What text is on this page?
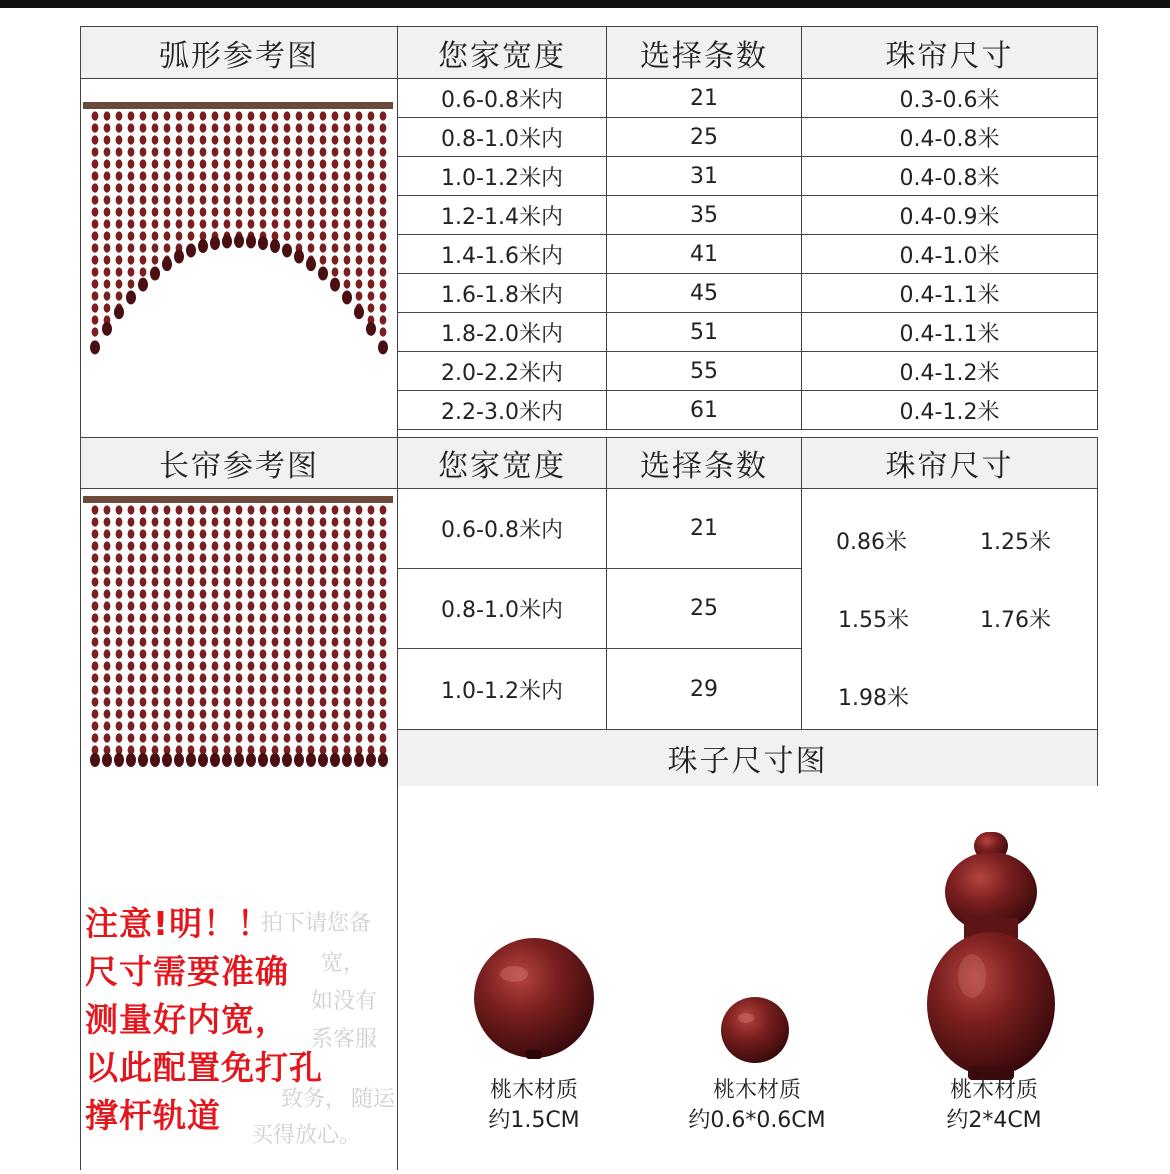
弧形参考图	您家宽度	选择条数	珠帘尺寸
0.6-0.8米内	21	0.3-0.6米
0.8-1.0米内	25	0.4-0.8米
1.0-1.2米内	31	0.4-0.8米
1.2-1.4米内	35	0.4-0.9米
1.4-1.6米内	41	0.4-1.0米
1.6-1.8米内	45	0.4-1.1米
1.8-2.0米内	51	0.4-1.1米
2.0-2.2米内	55	0.4-1.2米
2.2-3.0米内	61	0.4-1.2米
长帘参考图	您家宽度	选择条数	珠帘尺寸
0.6-0.8米内	21
0.8-1.0米内	25
1.0-1.2米内	29
0.86米	1.25米
1.55米	1.76米
1.98米
珠子尺寸图
拍下请您备
宽，
如没有
系客服
致务， 随运
买得放心。
注意!明！！
尺寸需要准确
测量好内宽，
以此配置免打孔
撑杆轨道
桃木材质
约1.5CM
桃木材质
约0.6*0.6CM
桃木材质
约2*4CM
